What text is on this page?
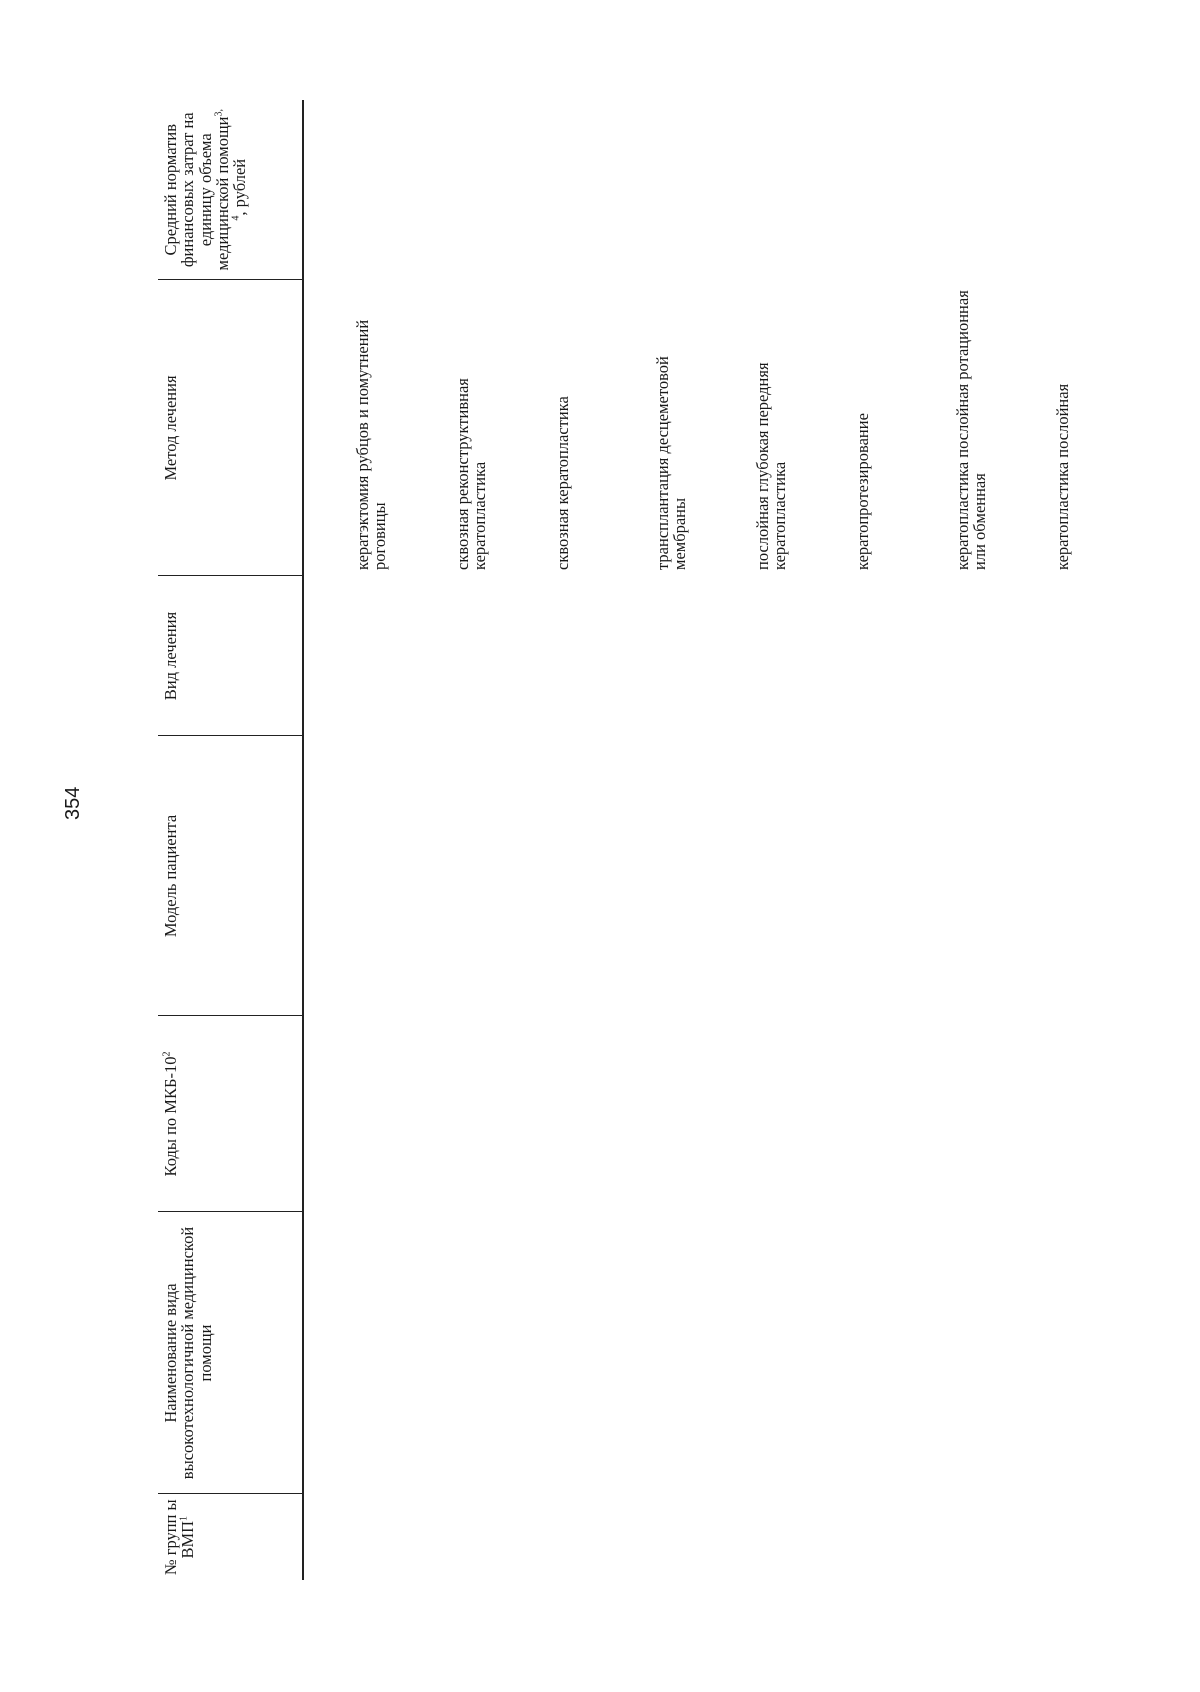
354
№ групп ы ВМП$^1$	Наименование вида высокотехнологичной медицинской помощи	Коды по МКБ-$10^2$	Модель пациента	Вид лечения	Метод лечения	Средний норматив финансовых затрат на единицу объема медицинской помощи$^{3, 4}$, рублей

					кератэктомия рубцов и помутнений роговицы	
					сквозная реконструктивная кератопластика	
					сквозная кератопластика	
					трансплантация десцеметовой мембраны	
					послойная глубокая передняя кератопластика	
					кератопротезирование	
					кератопластика послойная ротационная или обменная	
					кератопластика послойная	
